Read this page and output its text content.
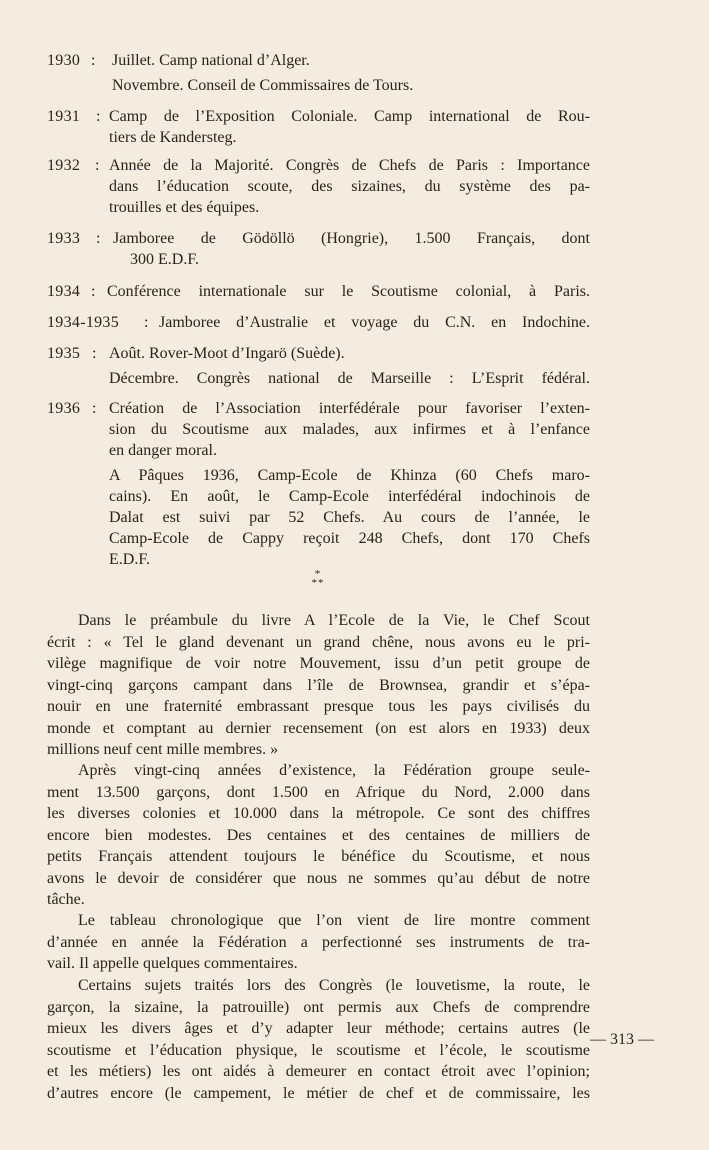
1930 : Juillet. Camp national d’Alger.
Novembre. Conseil de Commissaires de Tours.
1931 : Camp de l’Exposition Coloniale. Camp international de Rou-
tiers de Kandersteg.
1932 : Année de la Majorité. Congrès de Chefs de Paris : Importance
dans l’éducation scoute, des sizaines, du système des pa-
trouilles et des équipes.
1933 : Jamboree de Gödöllö (Hongrie), 1.500 Français, dont
300 E.D.F.
1934 : Conférence internationale sur le Scoutisme colonial, à Paris.
1934-1935 : Jamboree d’Australie et voyage du C.N. en Indochine.
1935 : Août. Rover-Moot d’Ingarö (Suède).
Décembre. Congrès national de Marseille : L’Esprit fédéral.
1936 : Création de l’Association interfédérale pour favoriser l’exten-
sion du Scoutisme aux malades, aux infirmes et à l’enfance
en danger moral.
A Pâques 1936, Camp-Ecole de Khinza (60 Chefs maro-
cains). En août, le Camp-Ecole interfédéral indochinois de
Dalat est suivi par 52 Chefs. Au cours de l’année, le
Camp-Ecole de Cappy reçoit 248 Chefs, dont 170 Chefs
E.D.F.
*
**
Dans le préambule du livre A l’Ecole de la Vie, le Chef Scout
écrit : « Tel le gland devenant un grand chêne, nous avons eu le pri-
vilège magnifique de voir notre Mouvement, issu d’un petit groupe de
vingt-cinq garçons campant dans l’île de Brownsea, grandir et s’épa-
nouir en une fraternité embrassant presque tous les pays civilisés du
monde et comptant au dernier recensement (on est alors en 1933) deux
millions neuf cent mille membres. »
Après vingt-cinq années d’existence, la Fédération groupe seule-
ment 13.500 garçons, dont 1.500 en Afrique du Nord, 2.000 dans
les diverses colonies et 10.000 dans la métropole. Ce sont des chiffres
encore bien modestes. Des centaines et des centaines de milliers de
petits Français attendent toujours le bénéfice du Scoutisme, et nous
avons le devoir de considérer que nous ne sommes qu’au début de notre
tâche.
Le tableau chronologique que l’on vient de lire montre comment
d’année en année la Fédération a perfectionné ses instruments de tra-
vail. Il appelle quelques commentaires.
Certains sujets traités lors des Congrès (le louvetisme, la route, le
garçon, la sizaine, la patrouille) ont permis aux Chefs de comprendre
mieux les divers âges et d’y adapter leur méthode; certains autres (le
scoutisme et l’éducation physique, le scoutisme et l’école, le scoutisme
et les métiers) les ont aidés à demeurer en contact étroit avec l’opinion;
d’autres encore (le campement, le métier de chef et de commissaire, les
— 313 —
